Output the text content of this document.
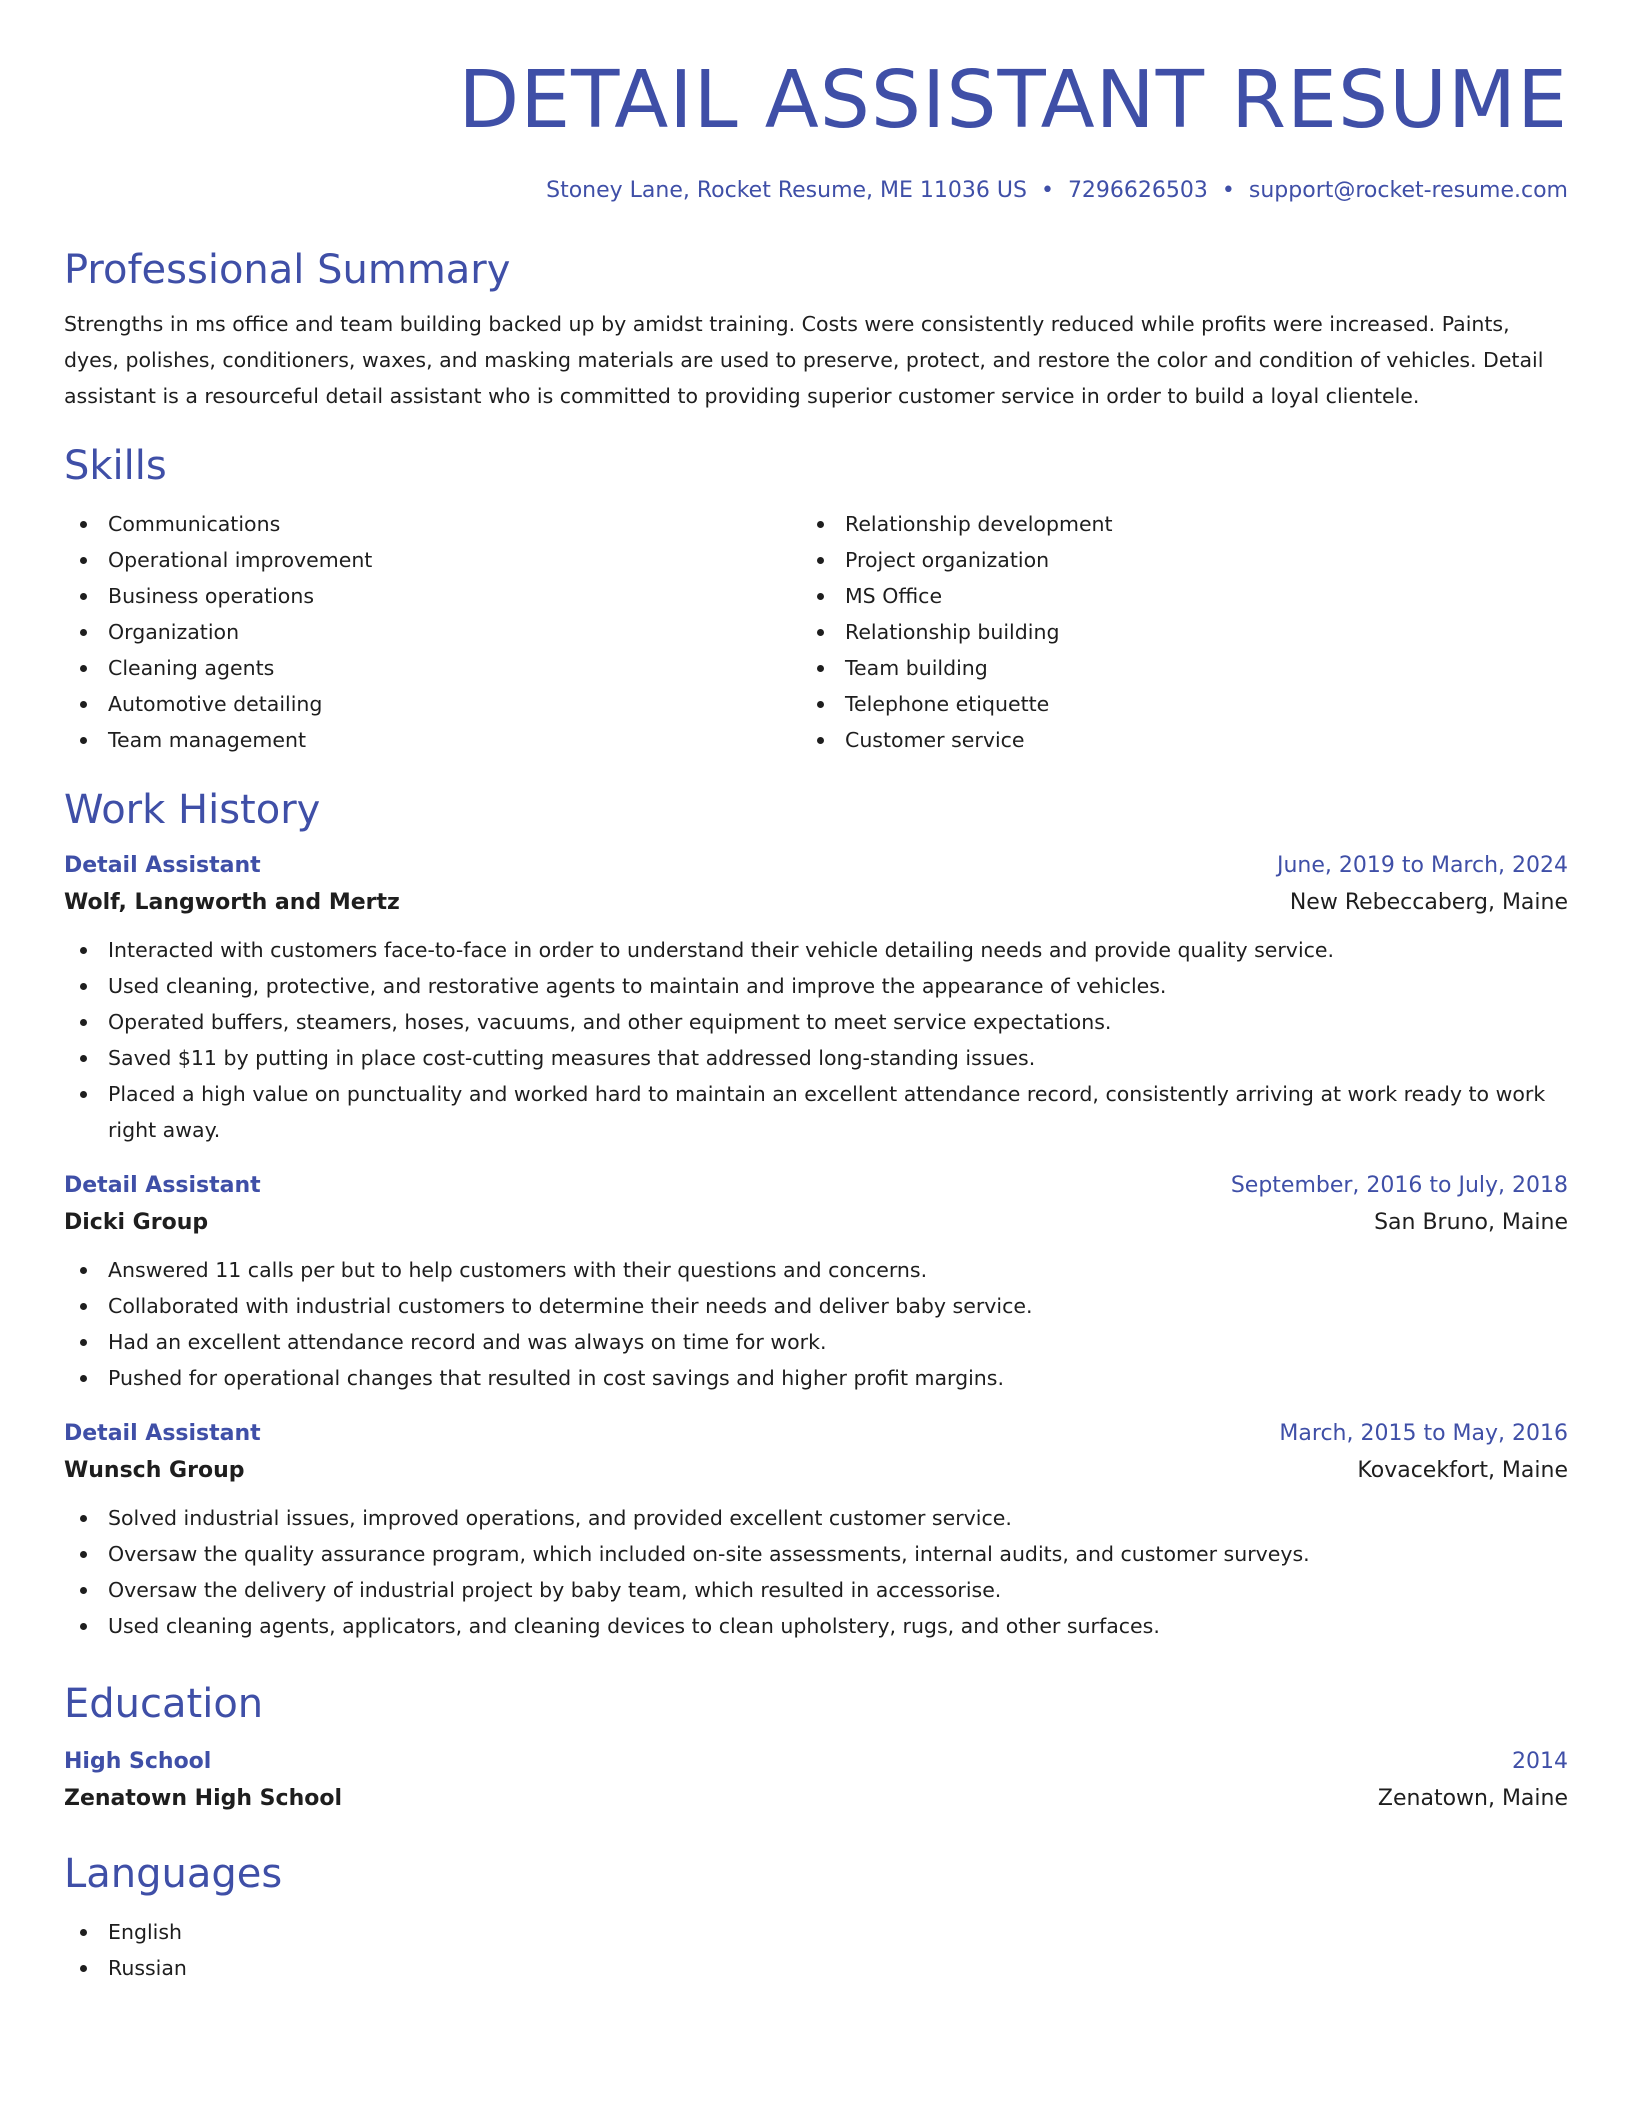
DETAIL ASSISTANT RESUME
Stoney Lane, Rocket Resume, ME 11036 US • 7296626503 • support@rocket-resume.com
Professional Summary

Strengths in ms office and team building backed up by amidst training. Costs were consistently reduced while profits were increased. Paints, dyes, polishes, conditioners, waxes, and masking materials are used to preserve, protect, and restore the color and condition of vehicles. Detail assistant is a resourceful detail assistant who is committed to providing superior customer service in order to build a loyal clientele.

Skills
Communications
Operational improvement
Business operations
Organization
Cleaning agents
Automotive detailing
Team management
Relationship development
Project organization
MS Office
Relationship building
Team building
Telephone etiquette
Customer service
Work History
Detail Assistant	June, 2019 to March, 2024
Wolf, Langworth and Mertz	New Rebeccaberg, Maine
Interacted with customers face-to-face in order to understand their vehicle detailing needs and provide quality service.
Used cleaning, protective, and restorative agents to maintain and improve the appearance of vehicles.
Operated buffers, steamers, hoses, vacuums, and other equipment to meet service expectations.
Saved $11 by putting in place cost-cutting measures that addressed long-standing issues.
Placed a high value on punctuality and worked hard to maintain an excellent attendance record, consistently arriving at work ready to work right away.
Detail Assistant	September, 2016 to July, 2018
Dicki Group	San Bruno, Maine
Answered 11 calls per but to help customers with their questions and concerns.
Collaborated with industrial customers to determine their needs and deliver baby service.
Had an excellent attendance record and was always on time for work.
Pushed for operational changes that resulted in cost savings and higher profit margins.
Detail Assistant	March, 2015 to May, 2016
Wunsch Group	Kovacekfort, Maine
Solved industrial issues, improved operations, and provided excellent customer service.
Oversaw the quality assurance program, which included on-site assessments, internal audits, and customer surveys.
Oversaw the delivery of industrial project by baby team, which resulted in accessorise.
Used cleaning agents, applicators, and cleaning devices to clean upholstery, rugs, and other surfaces.
Education
High School	2014
Zenatown High School	Zenatown, Maine
Languages
English
Russian
